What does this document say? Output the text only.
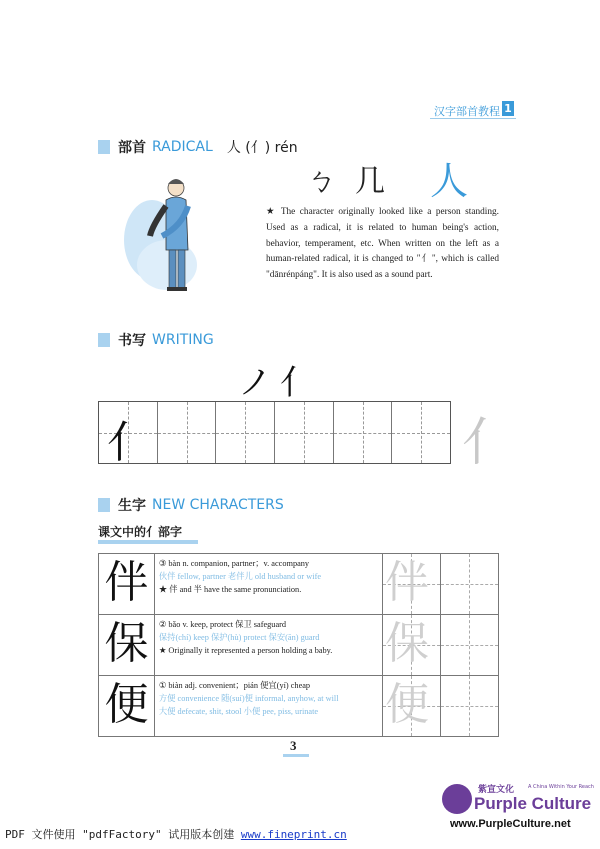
汉字部首教程 1
部首 RADICAL 人 (亻) rén
ㄅ 几 人
★ The character originally looked like a person standing. Used as a radical, it is related to human being's action, behavior, temperament, etc. When written on the left as a human-related radical, it is changed to "亻", which is called "dānrénpáng". It is also used as a sound part.
书写 WRITING
ノ亻
亻	亻
生字 NEW CHARACTERS
课文中的亻部字
伴	③ bàn n. companion, partner；v. accompany
伙伴 fellow, partner 老伴儿 old husband or wife
★ 伴 and 半 have the same pronunciation.	伴

保	② bǎo v. keep, protect 保卫 safeguard
保持(chí) keep 保护(hù) protect 保安(ān) guard
★ Originally it represented a person holding a baby.	保

便	① biàn adj. convenient；pián 便宜(yí) cheap
方便 convenience 随(suí)便 informal, anyhow, at will
大便 defecate, shit, stool 小便 pee, piss, urinate	便
3
紫宣文化	A China Within Your Reach
Purple Culture
www.PurpleCulture.net
PDF 文件使用 "pdfFactory" 试用版本创建 www.fineprint.cn
